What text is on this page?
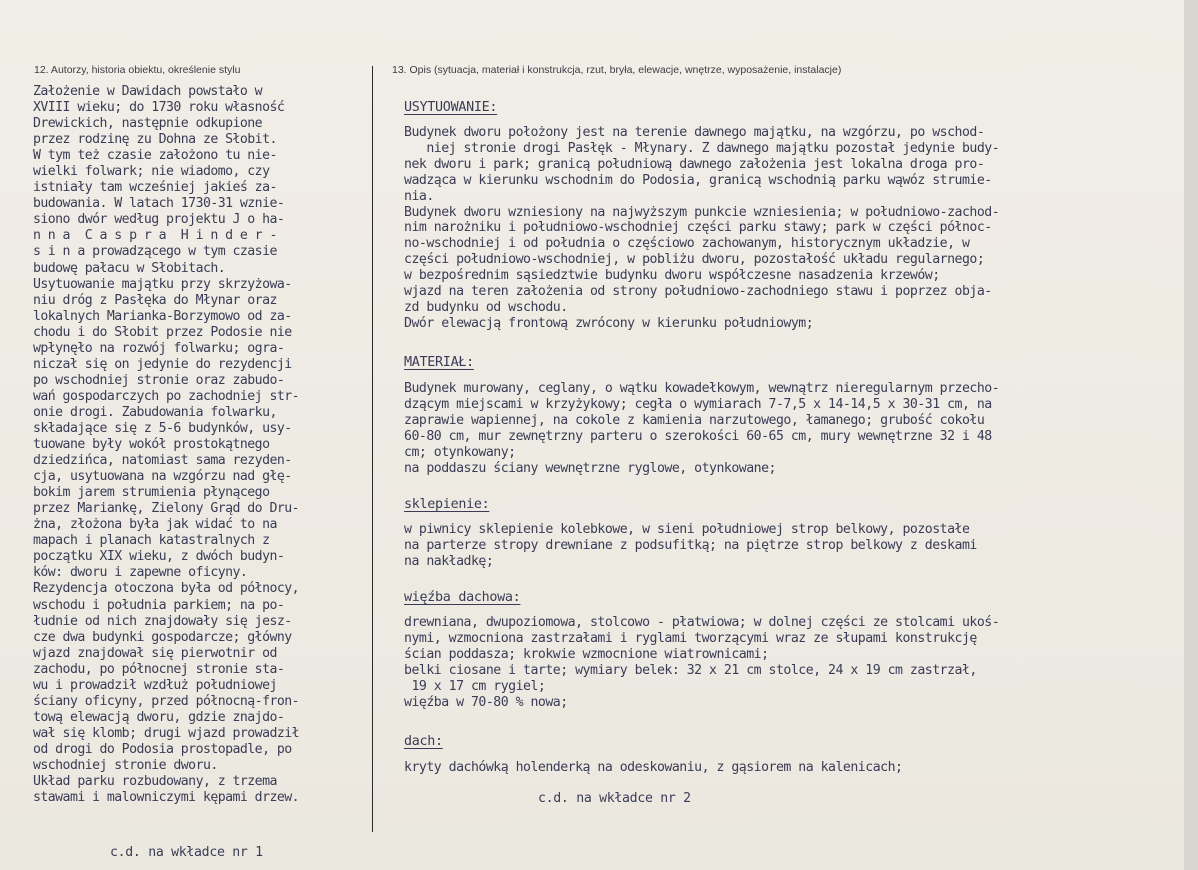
12. Autorzy, historia obiektu, określenie stylu	13. Opis (sytuacja, materiał i konstrukcja, rzut, bryła, elewacje, wnętrze, wyposażenie, instalacje)
Założenie w Dawidach powstało w
XVIII wieku; do 1730 roku własność
Drewickich, następnie odkupione
przez rodzinę zu Dohna ze Słobit.
W tym też czasie założono tu nie-
wielki folwark; nie wiadomo, czy
istniały tam wcześniej jakieś za-
budowania. W latach 1730-31 wznie-
siono dwór według projektu J o ha-
n n a  C a s p r a  H i n d e r -
s i n a prowadzącego w tym czasie
budowę pałacu w Słobitach.
Usytuowanie majątku przy skrzyżowa-
niu dróg z Pasłęka do Młynar oraz
lokalnych Marianka-Borzymowo od za-
chodu i do Słobit przez Podosie nie
wpłynęło na rozwój folwarku; ogra-
niczał się on jedynie do rezydencji
po wschodniej stronie oraz zabudo-
wań gospodarczych po zachodniej str-
onie drogi. Zabudowania folwarku,
składające się z 5-6 budynków, usy-
tuowane były wokół prostokątnego
dziedzińca, natomiast sama rezyden-
cja, usytuowana na wzgórzu nad głę-
bokim jarem strumienia płynącego
przez Mariankę, Zielony Grąd do Dru-
żna, złożona była jak widać to na
mapach i planach katastralnych z
początku XIX wieku, z dwóch budyn-
ków: dworu i zapewne oficyny.
Rezydencja otoczona była od północy,
wschodu i południa parkiem; na po-
łudnie od nich znajdowały się jesz-
cze dwa budynki gospodarcze; główny
wjazd znajdował się pierwotnir od
zachodu, po północnej stronie sta-
wu i prowadził wzdłuż południowej
ściany oficyny, przed północną-fron-
tową elewacją dworu, gdzie znajdo-
wał się klomb; drugi wjazd prowadził
od drogi do Podosia prostopadle, po
wschodniej stronie dworu.
Układ parku rozbudowany, z trzema
stawami i malowniczymi kępami drzew.
c.d. na wkładce nr 1
USYTUOWANIE:
Budynek dworu położony jest na terenie dawnego majątku, na wzgórzu, po wschod-
niej stronie drogi Pasłęk - Młynary. Z dawnego majątku pozostał jedynie budy-
nek dworu i park; granicą południową dawnego założenia jest lokalna droga pro-
wadząca w kierunku wschodnim do Podosia, granicą wschodnią parku wąwóz strumie-
nia.
Budynek dworu wzniesiony na najwyższym punkcie wzniesienia; w południowo-zachod-
nim narożniku i południowo-wschodniej części parku stawy; park w części północ-
no-wschodniej i od południa o częściowo zachowanym, historycznym układzie, w
części południowo-wschodniej, w pobliżu dworu, pozostałość układu regularnego;
w bezpośrednim sąsiedztwie budynku dworu współczesne nasadzenia krzewów;
wjazd na teren założenia od strony południowo-zachodniego stawu i poprzez obja-
zd budynku od wschodu.
Dwór elewacją frontową zwrócony w kierunku południowym;
MATERIAŁ:
Budynek murowany, ceglany, o wątku kowadełkowym, wewnątrz nieregularnym przecho-
dzącym miejscami w krzyżykowy; cegła o wymiarach 7-7,5 x 14-14,5 x 30-31 cm, na
zaprawie wapiennej, na cokole z kamienia narzutowego, łamanego; grubość cokołu
60-80 cm, mur zewnętrzny parteru o szerokości 60-65 cm, mury wewnętrzne 32 i 48
cm; otynkowany;
na poddaszu ściany wewnętrzne ryglowe, otynkowane;
sklepienie:
w piwnicy sklepienie kolebkowe, w sieni południowej strop belkowy, pozostałe
na parterze stropy drewniane z podsufitką; na piętrze strop belkowy z deskami
na nakładkę;
więźba dachowa:
drewniana, dwupoziomowa, stolcowo - płatwiowa; w dolnej części ze stolcami ukoś-
nymi, wzmocniona zastrzałami i ryglami tworzącymi wraz ze słupami konstrukcję
ścian poddasza; krokwie wzmocnione wiatrownicami;
belki ciosane i tarte; wymiary belek: 32 x 21 cm stolce, 24 x 19 cm zastrzał,
19 x 17 cm rygiel;
więźba w 70-80 % nowa;
dach:
kryty dachówką holenderką na odeskowaniu, z gąsiorem na kalenicach;
c.d. na wkładce nr 2
